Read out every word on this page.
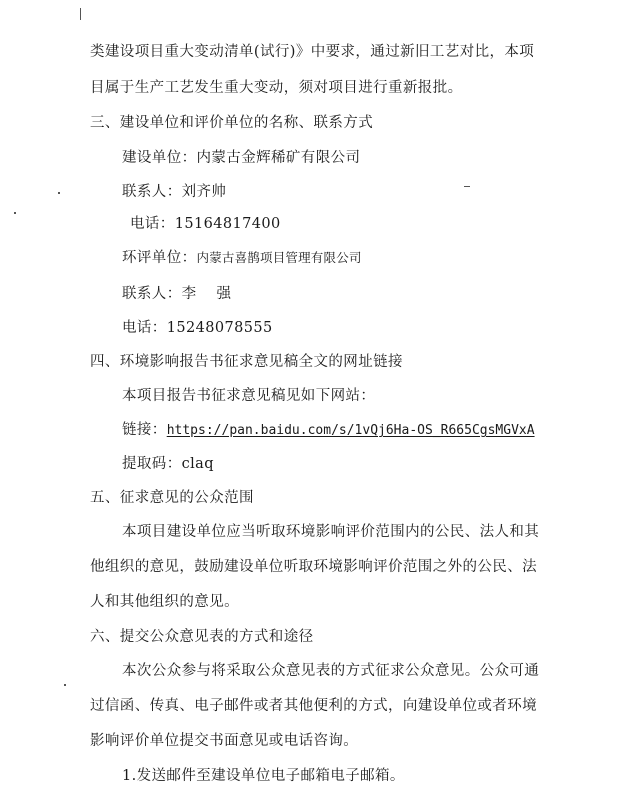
类建设项目重大变动清单(试行)》中要求，通过新旧工艺对比，本项
目属于生产工艺发生重大变动，须对项目进行重新报批。
三、建设单位和评价单位的名称、联系方式
建设单位：内蒙古金辉稀矿有限公司
联系人：刘齐帅
电话：15164817400
环评单位：内蒙古喜鹊项目管理有限公司
联系人：李    强
电话：15248078555
四、环境影响报告书征求意见稿全文的网址链接
本项目报告书征求意见稿见如下网站：
链接：https://pan.baidu.com/s/1vQj6Ha-OS_R665CgsMGVxA
提取码：claq
五、征求意见的公众范围
本项目建设单位应当听取环境影响评价范围内的公民、法人和其
他组织的意见，鼓励建设单位听取环境影响评价范围之外的公民、法
人和其他组织的意见。
六、提交公众意见表的方式和途径
本次公众参与将采取公众意见表的方式征求公众意见。公众可通
过信函、传真、电子邮件或者其他便利的方式，向建设单位或者环境
影响评价单位提交书面意见或电话咨询。
1.发送邮件至建设单位电子邮箱电子邮箱。
